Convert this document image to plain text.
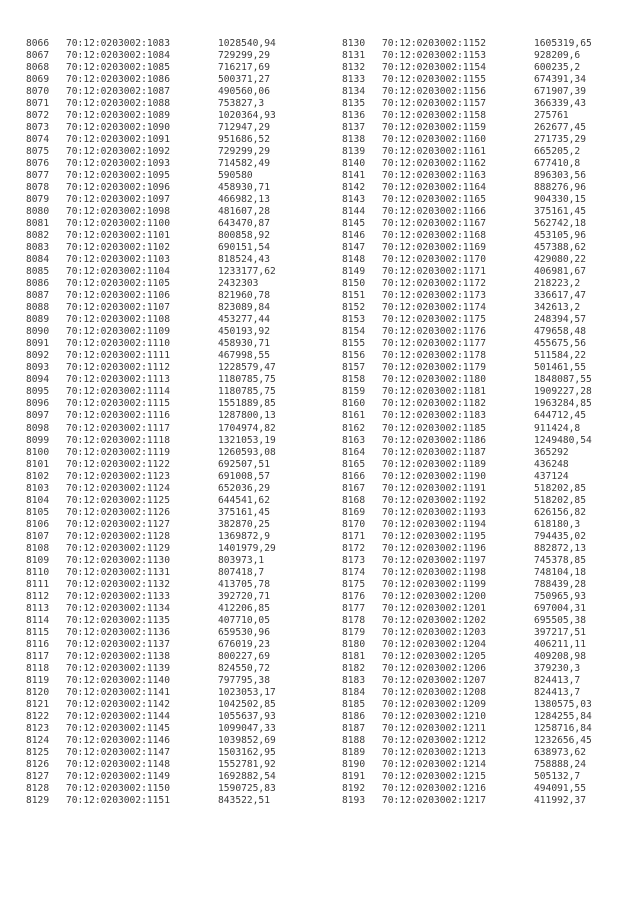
8066 70:12:0203002:1083	1028540,94
8067 70:12:0203002:1084	729299,29
8068 70:12:0203002:1085	716217,69
8069 70:12:0203002:1086	500371,27
8070 70:12:0203002:1087	490560,06
8071 70:12:0203002:1088	753827,3
8072 70:12:0203002:1089	1020364,93
8073 70:12:0203002:1090	712947,29
8074 70:12:0203002:1091	951686,52
8075 70:12:0203002:1092	729299,29
8076 70:12:0203002:1093	714582,49
8077 70:12:0203002:1095	590580
8078 70:12:0203002:1096	458930,71
8079 70:12:0203002:1097	466982,13
8080 70:12:0203002:1098	481607,28
8081 70:12:0203002:1100	643470,87
8082 70:12:0203002:1101	800858,92
8083 70:12:0203002:1102	690151,54
8084 70:12:0203002:1103	818524,43
8085 70:12:0203002:1104	1233177,62
8086 70:12:0203002:1105	2432303
8087 70:12:0203002:1106	821960,78
8088 70:12:0203002:1107	823089,84
8089 70:12:0203002:1108	453277,44
8090 70:12:0203002:1109	450193,92
8091 70:12:0203002:1110	458930,71
8092 70:12:0203002:1111	467998,55
8093 70:12:0203002:1112	1228579,47
8094 70:12:0203002:1113	1180785,75
8095 70:12:0203002:1114	1180785,75
8096 70:12:0203002:1115	1551889,85
8097 70:12:0203002:1116	1287800,13
8098 70:12:0203002:1117	1704974,82
8099 70:12:0203002:1118	1321053,19
8100 70:12:0203002:1119	1260593,08
8101 70:12:0203002:1122	692507,51
8102 70:12:0203002:1123	691008,57
8103 70:12:0203002:1124	652036,29
8104 70:12:0203002:1125	644541,62
8105 70:12:0203002:1126	375161,45
8106 70:12:0203002:1127	382870,25
8107 70:12:0203002:1128	1369872,9
8108 70:12:0203002:1129	1401979,29
8109 70:12:0203002:1130	803973,1
8110 70:12:0203002:1131	807418,7
8111 70:12:0203002:1132	413705,78
8112 70:12:0203002:1133	392720,71
8113 70:12:0203002:1134	412206,85
8114 70:12:0203002:1135	407710,05
8115 70:12:0203002:1136	659530,96
8116 70:12:0203002:1137	676019,23
8117 70:12:0203002:1138	800227,69
8118 70:12:0203002:1139	824550,72
8119 70:12:0203002:1140	797795,38
8120 70:12:0203002:1141	1023053,17
8121 70:12:0203002:1142	1042502,85
8122 70:12:0203002:1144	1055637,93
8123 70:12:0203002:1145	1099047,33
8124 70:12:0203002:1146	1039852,69
8125 70:12:0203002:1147	1503162,95
8126 70:12:0203002:1148	1552781,92
8127 70:12:0203002:1149	1692882,54
8128 70:12:0203002:1150	1590725,83
8129 70:12:0203002:1151	843522,51
8130 70:12:0203002:1152	1605319,65
8131 70:12:0203002:1153	928209,6
8132 70:12:0203002:1154	600235,2
8133 70:12:0203002:1155	674391,34
8134 70:12:0203002:1156	671907,39
8135 70:12:0203002:1157	366339,43
8136 70:12:0203002:1158	275761
8137 70:12:0203002:1159	262677,45
8138 70:12:0203002:1160	271735,29
8139 70:12:0203002:1161	665205,2
8140 70:12:0203002:1162	677410,8
8141 70:12:0203002:1163	896303,56
8142 70:12:0203002:1164	888276,96
8143 70:12:0203002:1165	904330,15
8144 70:12:0203002:1166	375161,45
8145 70:12:0203002:1167	562742,18
8146 70:12:0203002:1168	453105,96
8147 70:12:0203002:1169	457388,62
8148 70:12:0203002:1170	429080,22
8149 70:12:0203002:1171	406981,67
8150 70:12:0203002:1172	218223,2
8151 70:12:0203002:1173	336617,47
8152 70:12:0203002:1174	342613,2
8153 70:12:0203002:1175	248394,57
8154 70:12:0203002:1176	479658,48
8155 70:12:0203002:1177	455675,56
8156 70:12:0203002:1178	511584,22
8157 70:12:0203002:1179	501461,55
8158 70:12:0203002:1180	1848087,55
8159 70:12:0203002:1181	1909227,28
8160 70:12:0203002:1182	1963284,85
8161 70:12:0203002:1183	644712,45
8162 70:12:0203002:1185	911424,8
8163 70:12:0203002:1186	1249480,54
8164 70:12:0203002:1187	365292
8165 70:12:0203002:1189	436248
8166 70:12:0203002:1190	437124
8167 70:12:0203002:1191	518202,85
8168 70:12:0203002:1192	518202,85
8169 70:12:0203002:1193	626156,82
8170 70:12:0203002:1194	618180,3
8171 70:12:0203002:1195	794435,02
8172 70:12:0203002:1196	882872,13
8173 70:12:0203002:1197	745378,85
8174 70:12:0203002:1198	748104,18
8175 70:12:0203002:1199	788439,28
8176 70:12:0203002:1200	750965,93
8177 70:12:0203002:1201	697004,31
8178 70:12:0203002:1202	695505,38
8179 70:12:0203002:1203	397217,51
8180 70:12:0203002:1204	406211,11
8181 70:12:0203002:1205	409208,98
8182 70:12:0203002:1206	379230,3
8183 70:12:0203002:1207	824413,7
8184 70:12:0203002:1208	824413,7
8185 70:12:0203002:1209	1380575,03
8186 70:12:0203002:1210	1284255,84
8187 70:12:0203002:1211	1258716,84
8188 70:12:0203002:1212	1232656,45
8189 70:12:0203002:1213	638973,62
8190 70:12:0203002:1214	758888,24
8191 70:12:0203002:1215	505132,7
8192 70:12:0203002:1216	494091,55
8193 70:12:0203002:1217	411992,37
